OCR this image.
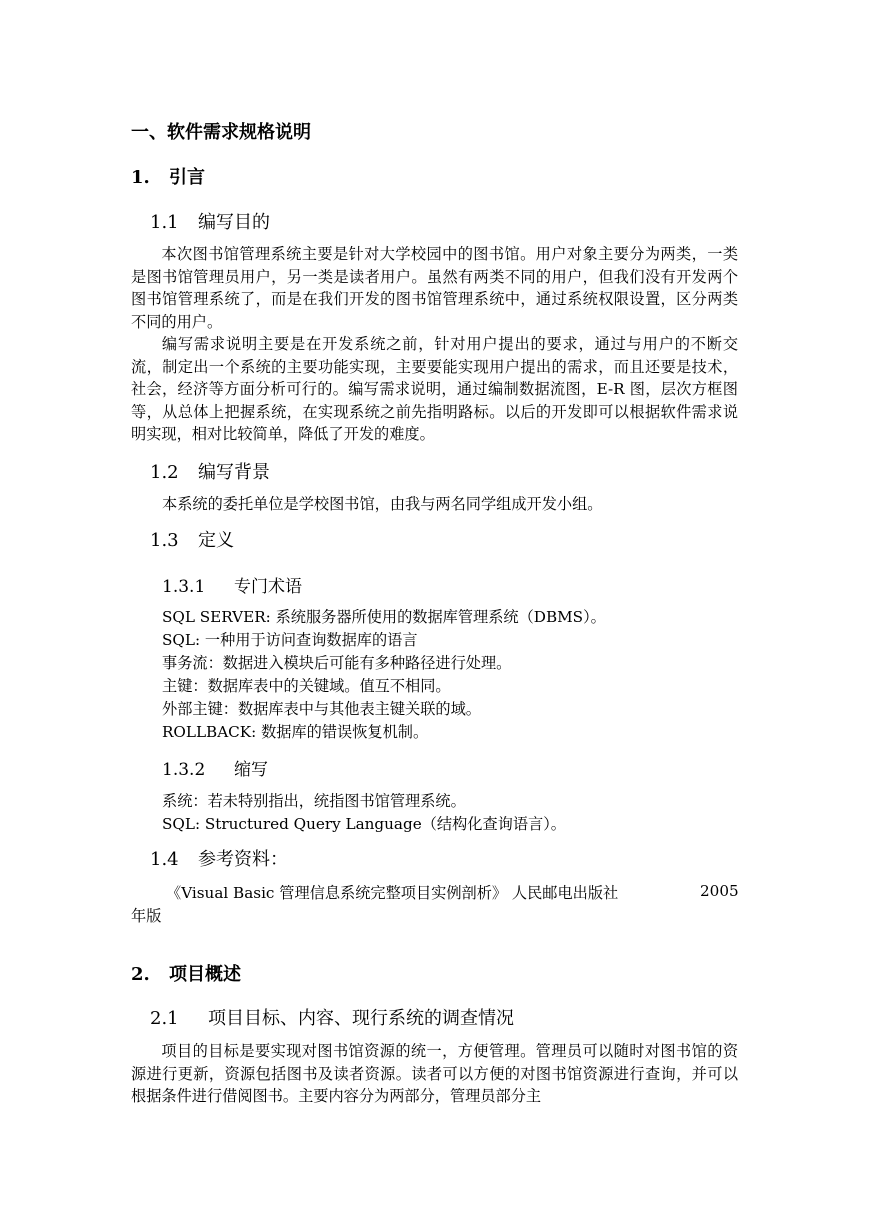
一、软件需求规格说明
1. 引言
1.1 编写目的
本次图书馆管理系统主要是针对大学校园中的图书馆。用户对象主要分为两类，一类是图书馆管理员用户，另一类是读者用户。虽然有两类不同的用户，但我们没有开发两个图书馆管理系统了，而是在我们开发的图书馆管理系统中，通过系统权限设置，区分两类不同的用户。
编写需求说明主要是在开发系统之前，针对用户提出的要求，通过与用户的不断交流，制定出一个系统的主要功能实现，主要要能实现用户提出的需求，而且还要是技术，社会，经济等方面分析可行的。编写需求说明，通过编制数据流图，E-R 图，层次方框图等，从总体上把握系统，在实现系统之前先指明路标。以后的开发即可以根据软件需求说明实现，相对比较简单，降低了开发的难度。
1.2 编写背景
本系统的委托单位是学校图书馆，由我与两名同学组成开发小组。
1.3 定义
1.3.1 专门术语
SQL SERVER: 系统服务器所使用的数据库管理系统（DBMS）。
SQL: 一种用于访问查询数据库的语言
事务流：数据进入模块后可能有多种路径进行处理。
主键：数据库表中的关键域。值互不相同。
外部主键：数据库表中与其他表主键关联的域。
ROLLBACK: 数据库的错误恢复机制。
1.3.2 缩写
系统：若未特别指出，统指图书馆管理系统。
SQL: Structured Query Language（结构化查询语言）。
1.4 参考资料：
《Visual Basic 管理信息系统完整项目实例剖析》 人民邮电出版社	2005
年版
2. 项目概述
2.1 项目目标、内容、现行系统的调查情况
项目的目标是要实现对图书馆资源的统一，方便管理。管理员可以随时对图书馆的资源进行更新，资源包括图书及读者资源。读者可以方便的对图书馆资源进行查询，并可以根据条件进行借阅图书。主要内容分为两部分，管理员部分主
